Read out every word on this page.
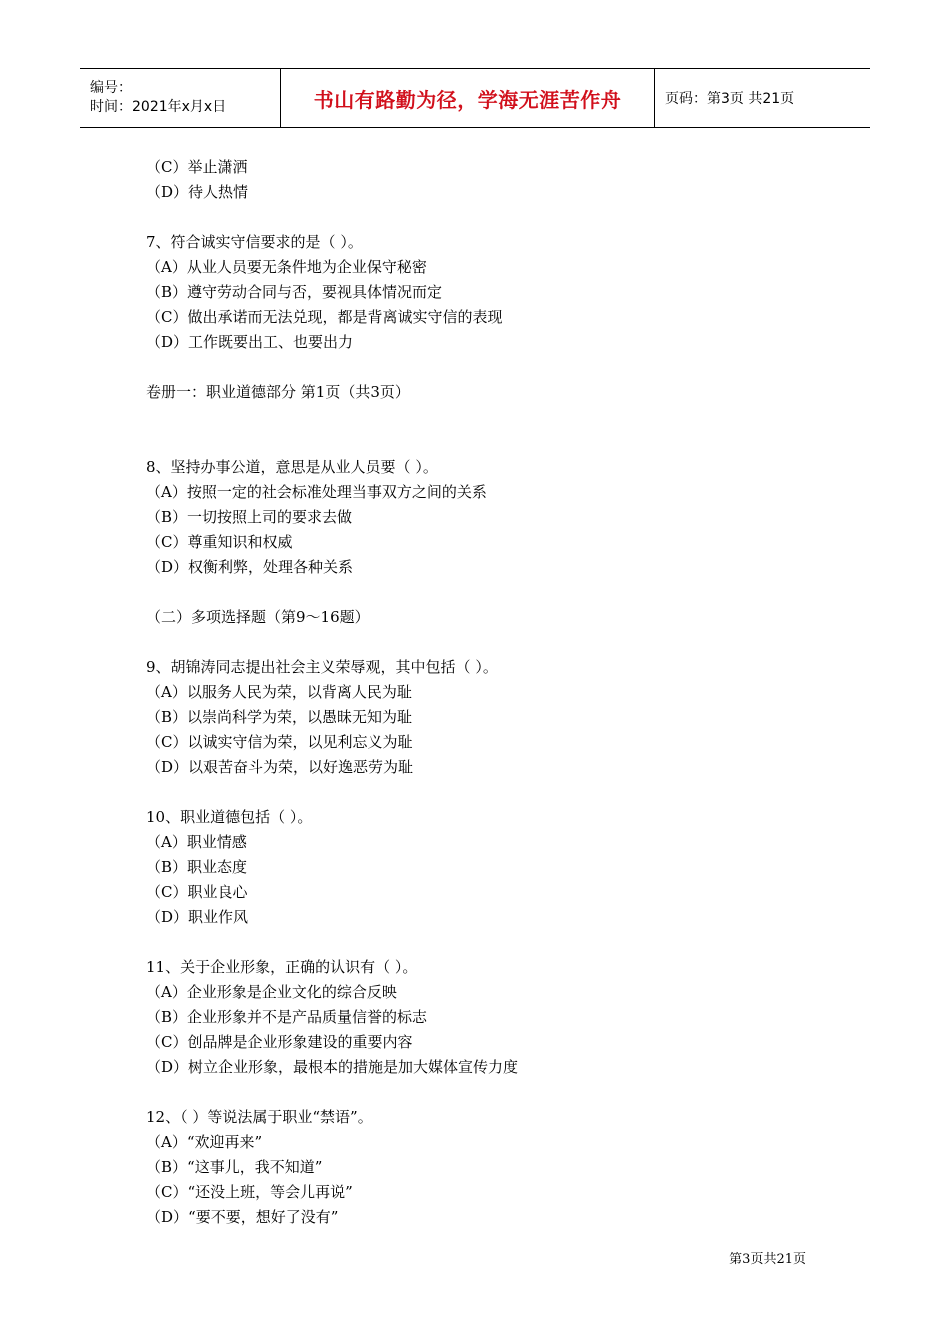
编号：
时间：2021年x月x日	书山有路勤为径，学海无涯苦作舟	页码：第3页 共21页
（C）举止潇洒
（D）待人热情
7、符合诚实守信要求的是（ ）。
（A）从业人员要无条件地为企业保守秘密
（B）遵守劳动合同与否，要视具体情况而定
（C）做出承诺而无法兑现，都是背离诚实守信的表现
（D）工作既要出工、也要出力
卷册一：职业道德部分 第1页（共3页）
8、坚持办事公道，意思是从业人员要（ ）。
（A）按照一定的社会标准处理当事双方之间的关系
（B）一切按照上司的要求去做
（C）尊重知识和权威
（D）权衡利弊，处理各种关系
（二）多项选择题（第9～16题）
9、胡锦涛同志提出社会主义荣辱观，其中包括（ ）。
（A）以服务人民为荣，以背离人民为耻
（B）以崇尚科学为荣，以愚昧无知为耻
（C）以诚实守信为荣，以见利忘义为耻
（D）以艰苦奋斗为荣，以好逸恶劳为耻
10、职业道德包括（ ）。
（A）职业情感
（B）职业态度
（C）职业良心
（D）职业作风
11、关于企业形象，正确的认识有（ ）。
（A）企业形象是企业文化的综合反映
（B）企业形象并不是产品质量信誉的标志
（C）创品牌是企业形象建设的重要内容
（D）树立企业形象，最根本的措施是加大媒体宣传力度
12、（ ）等说法属于职业“禁语”。
（A）“欢迎再来”
（B）“这事儿，我不知道”
（C）“还没上班，等会儿再说”
（D）“要不要，想好了没有”
第3页共21页
